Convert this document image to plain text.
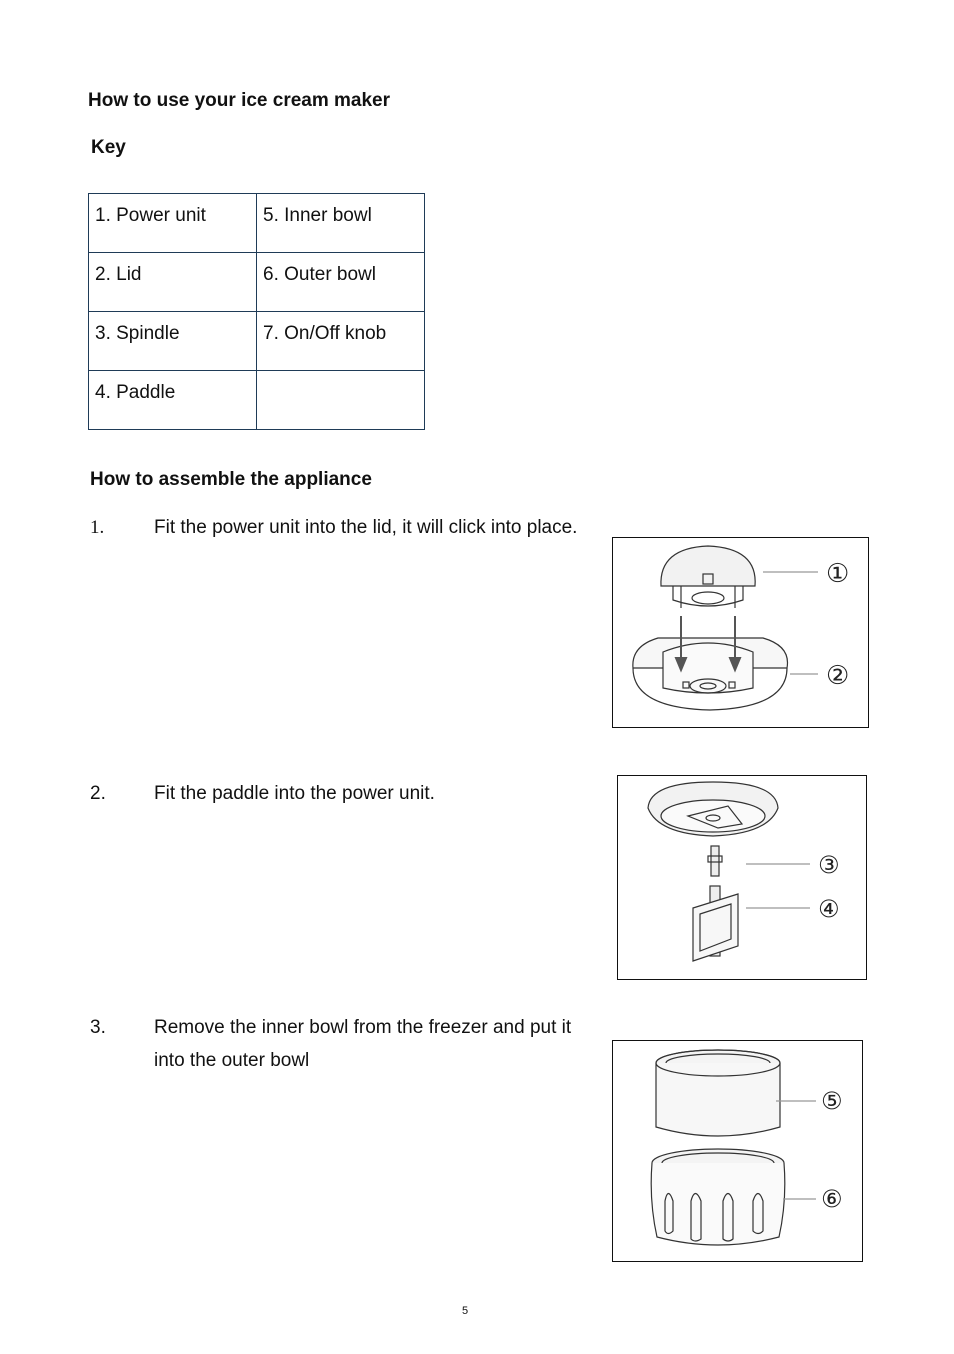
How to use your ice cream maker
Key
1. Power unit	5. Inner bowl

2. Lid	6. Outer bowl

3. Spindle	7. On/Off knob

4. Paddle	

How to assemble the appliance
1.	Fit the power unit into the lid, it will click into place.
2.	Fit the paddle into the power unit.
3.	Remove the inner bowl from the freezer and put it into the outer bowl
①
②
③
④
⑤
⑥
5
